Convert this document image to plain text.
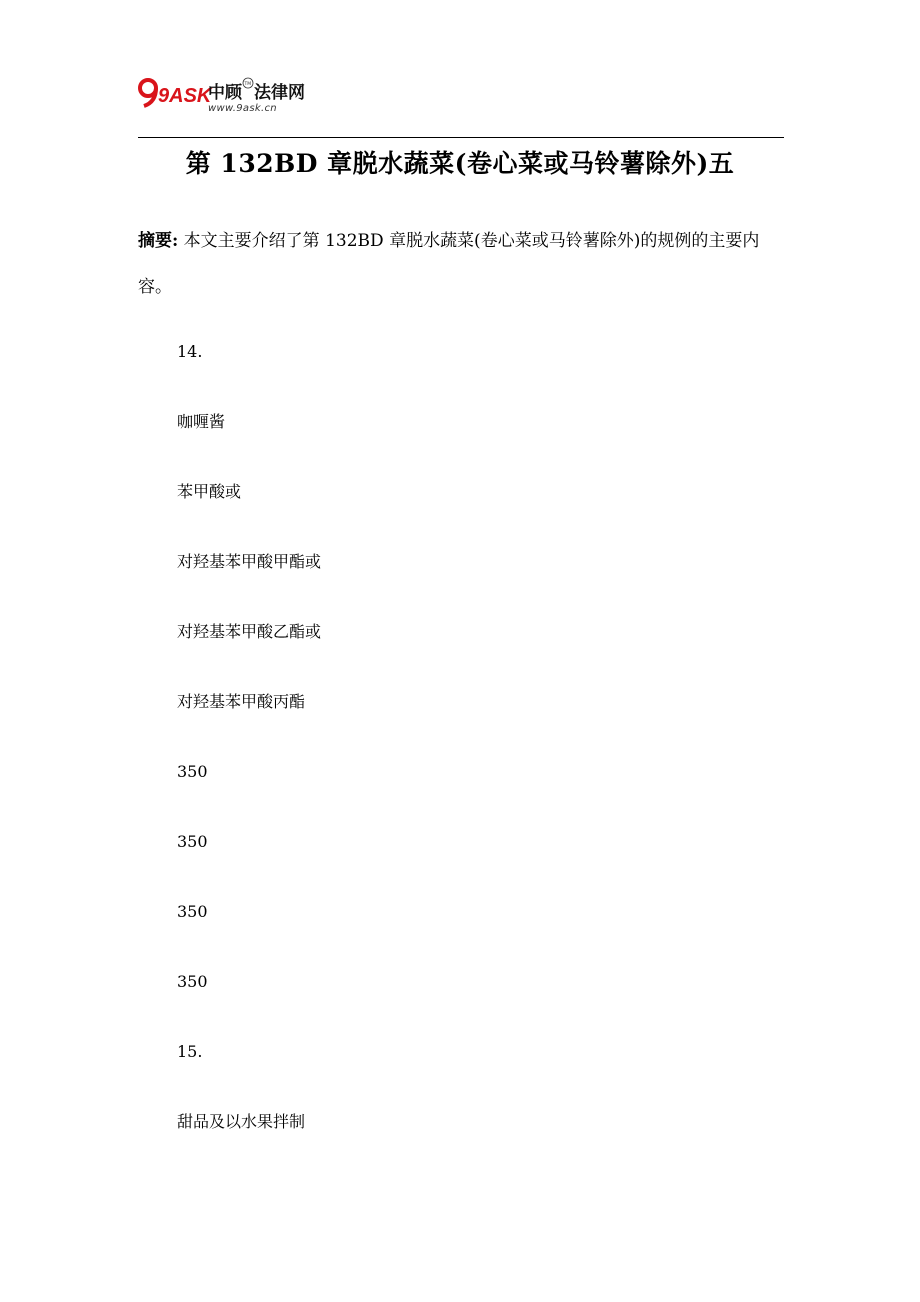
9ASK
中顾 法律网
TM
www.9ask.cn
第 132BD 章脱水蔬菜(卷心菜或马铃薯除外)五
摘要: 本文主要介绍了第 132BD 章脱水蔬菜(卷心菜或马铃薯除外)的规例的主要内容。
14.
咖喱酱
苯甲酸或
对羟基苯甲酸甲酯或
对羟基苯甲酸乙酯或
对羟基苯甲酸丙酯
350
350
350
350
15.
甜品及以水果拌制
